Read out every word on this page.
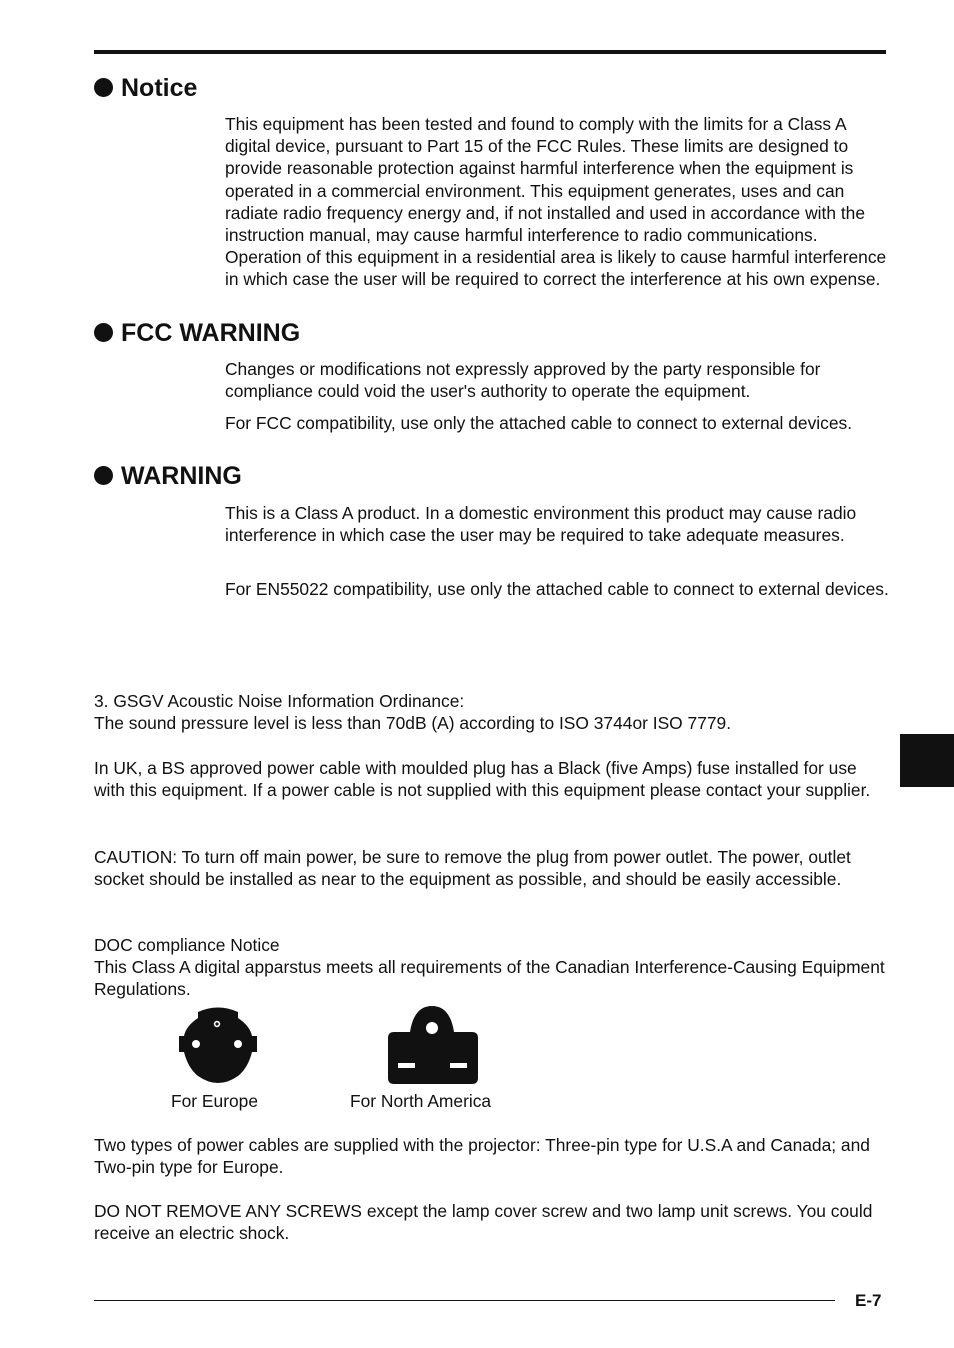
Notice

This equipment has been tested and found to comply with the limits for a Class A digital device, pursuant to Part 15 of the FCC Rules. These limits are designed to provide reasonable protection against harmful interference when the equipment is operated in a commercial environment. This equipment generates, uses and can radiate radio frequency energy and, if not installed and used in accordance with the instruction manual, may cause harmful interference to radio communications. Operation of this equipment in a residential area is likely to cause harmful interference in which case the user will be required to correct the interference at his own expense.

FCC WARNING

Changes or modifications not expressly approved by the party responsible for compliance could void the user's authority to operate the equipment.

For FCC compatibility, use only the attached cable to connect to external devices.

WARNING

This is a Class A product. In a domestic environment this product may cause radio interference in which case the user may be required to take adequate measures.

For EN55022 compatibility, use only the attached cable to connect to external devices.

3. GSGV Acoustic Noise Information Ordinance:

The sound pressure level is less than 70dB (A) according to ISO 3744or ISO 7779.

In UK, a BS approved power cable with moulded plug has a Black (five Amps) fuse installed for use with this equipment. If a power cable is not supplied with this equipment please contact your supplier.

CAUTION: To turn off main power, be sure to remove the plug from power outlet. The power, outlet socket should be installed as near to the equipment as possible, and should be easily accessible.

DOC compliance Notice

This Class A digital apparstus meets all requirements of the Canadian Interference-Causing Equipment Regulations.

For Europe	For North America

Two types of power cables are supplied with the projector: Three-pin type for U.S.A and Canada; and Two-pin type for Europe.

DO NOT REMOVE ANY SCREWS except the lamp cover screw and two lamp unit screws. You could receive an electric shock.

E-7
